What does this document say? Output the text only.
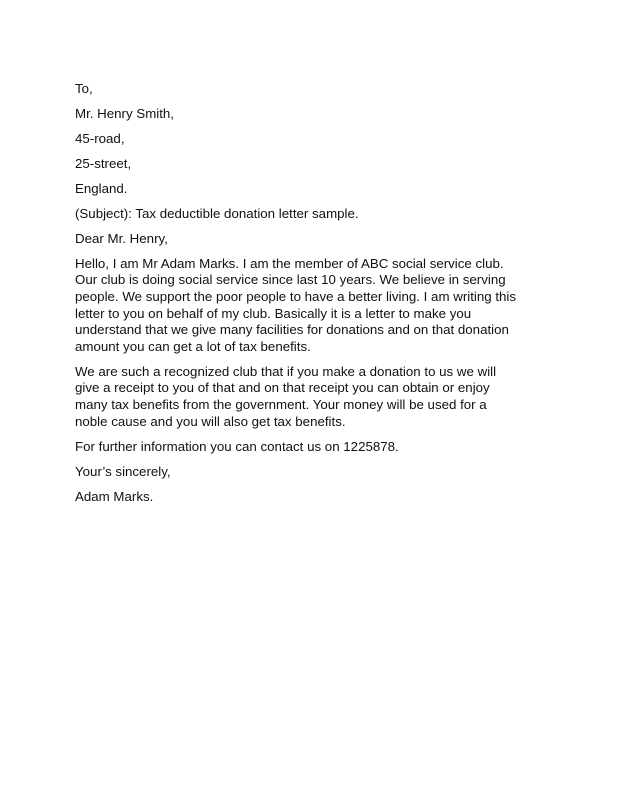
To,
Mr. Henry Smith,
45-road,
25-street,
England.
(Subject): Tax deductible donation letter sample.
Dear Mr. Henry,
Hello, I am Mr Adam Marks. I am the member of ABC social service club.
Our club is doing social service since last 10 years. We believe in serving
people. We support the poor people to have a better living. I am writing this
letter to you on behalf of my club. Basically it is a letter to make you
understand that we give many facilities for donations and on that donation
amount you can get a lot of tax benefits.
We are such a recognized club that if you make a donation to us we will
give a receipt to you of that and on that receipt you can obtain or enjoy
many tax benefits from the government. Your money will be used for a
noble cause and you will also get tax benefits.
For further information you can contact us on 1225878.
Your’s sincerely,
Adam Marks.
